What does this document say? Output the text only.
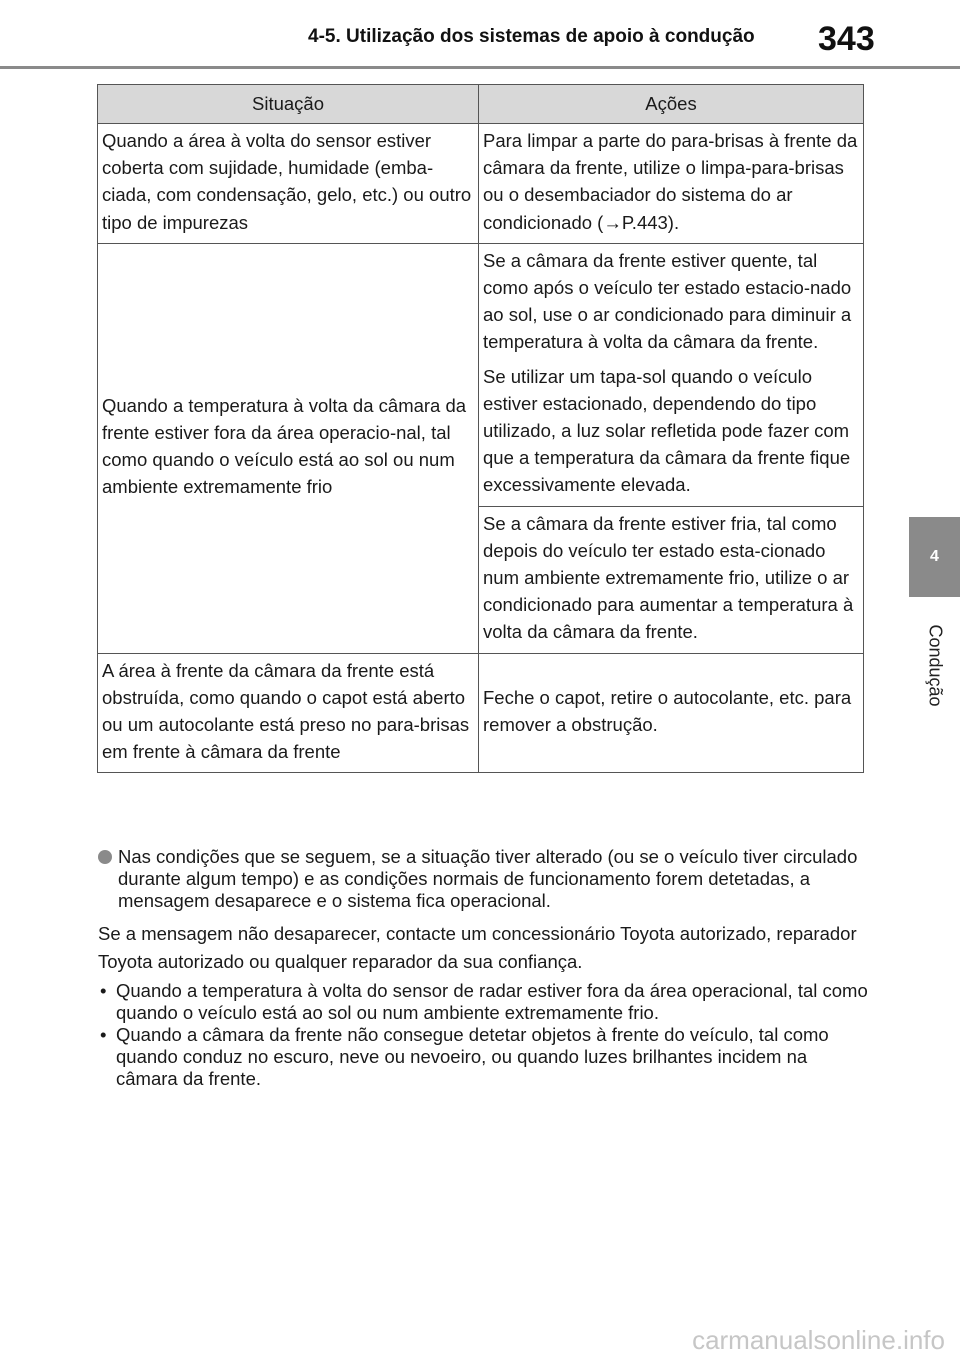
4-5. Utilização dos sistemas de apoio à condução	343
4
Condução
Situação	Ações

Quando a área à volta do sensor estiver coberta com sujidade, humidade (emba-ciada, com condensação, gelo, etc.) ou outro tipo de impurezas	Para limpar a parte do para-brisas à frente da câmara da frente, utilize o limpa-para-brisas ou o desembaciador do sistema do ar condicionado (→P.443).

Quando a temperatura à volta da câmara da frente estiver fora da área operacio-nal, tal como quando o veículo está ao sol ou num ambiente extremamente frio	Se a câmara da frente estiver quente, tal como após o veículo ter estado estacio-nado ao sol, use o ar condicionado para diminuir a temperatura à volta da câmara da frente.

Se utilizar um tapa-sol quando o veículo estiver estacionado, dependendo do tipo utilizado, a luz solar refletida pode fazer com que a temperatura da câmara da frente fique excessivamente elevada.

	Se a câmara da frente estiver fria, tal como depois do veículo ter estado esta-cionado num ambiente extremamente frio, utilize o ar condicionado para aumentar a temperatura à volta da câmara da frente.

A área à frente da câmara da frente está obstruída, como quando o capot está aberto ou um autocolante está preso no para-brisas em frente à câmara da frente	Feche o capot, retire o autocolante, etc. para remover a obstrução.

Nas condições que se seguem, se a situação tiver alterado (ou se o veículo tiver circulado durante algum tempo) e as condições normais de funcionamento forem detetadas, a mensagem desaparece e o sistema fica operacional.
Se a mensagem não desaparecer, contacte um concessionário Toyota autorizado, reparador Toyota autorizado ou qualquer reparador da sua confiança.
• Quando a temperatura à volta do sensor de radar estiver fora da área operacional, tal como quando o veículo está ao sol ou num ambiente extremamente frio.
• Quando a câmara da frente não consegue detetar objetos à frente do veículo, tal como quando conduz no escuro, neve ou nevoeiro, ou quando luzes brilhantes incidem na câmara da frente.
carmanualsonline.info
